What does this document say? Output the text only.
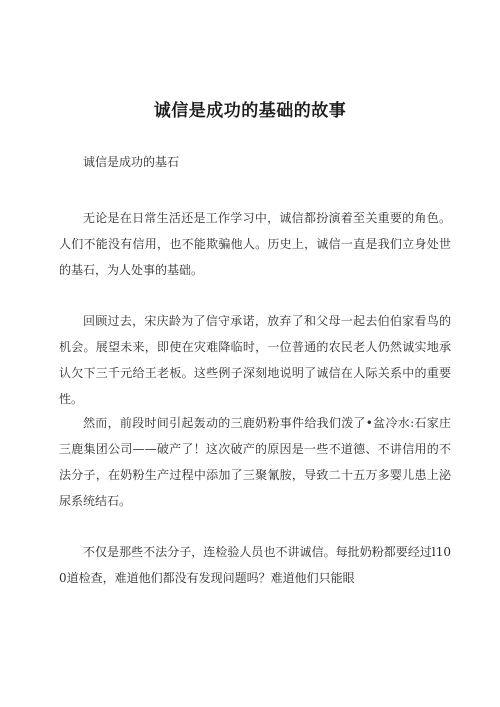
诚信是成功的基础的故事

诚信是成功的基石

无论是在日常生活还是工作学习中，诚信都扮演着至关重要的角色。人们不能没有信用，也不能欺骗他人。历史上，诚信一直是我们立身处世的基石，为人处事的基础。

回顾过去，宋庆龄为了信守承诺，放弃了和父母一起去伯伯家看鸟的机会。展望未来，即使在灾难降临时，一位普通的农民老人仍然诚实地承认欠下三千元给王老板。这些例子深刻地说明了诚信在人际关系中的重要性。

然而，前段时间引起轰动的三鹿奶粉事件给我们泼了•盆冷水:石家庄三鹿集团公司——破产了！这次破产的原因是一些不道德、不讲信用的不法分子，在奶粉生产过程中添加了三聚氰胺，导致二十五万多婴儿患上泌尿系统结石。

不仅是那些不法分子，连检验人员也不讲诚信。每批奶粉都要经过l100道检查，难道他们都没有发现问题吗？难道他们只能眼
